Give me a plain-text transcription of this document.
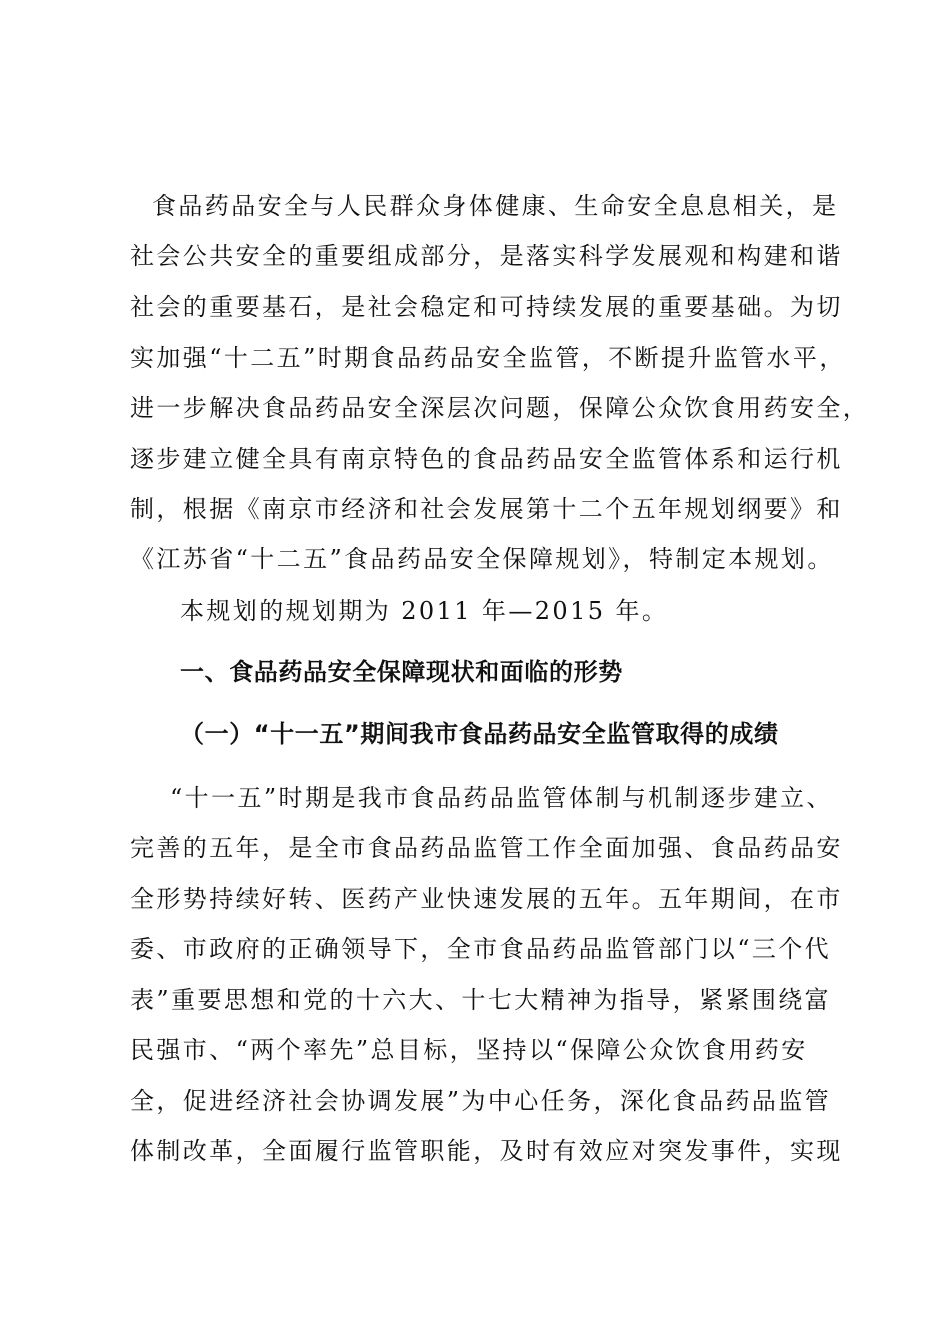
食品药品安全与人民群众身体健康、生命安全息息相关，是
社会公共安全的重要组成部分，是落实科学发展观和构建和谐
社会的重要基石，是社会稳定和可持续发展的重要基础。为切
实加强“十二五”时期食品药品安全监管，不断提升监管水平，
进一步解决食品药品安全深层次问题，保障公众饮食用药安全，
逐步建立健全具有南京特色的食品药品安全监管体系和运行机
制，根据《南京市经济和社会发展第十二个五年规划纲要》和
《江苏省“十二五”食品药品安全保障规划》，特制定本规划。
本规划的规划期为 2011 年—2015 年。
一、食品药品安全保障现状和面临的形势
（一）“十一五”期间我市食品药品安全监管取得的成绩
“十一五”时期是我市食品药品监管体制与机制逐步建立、
完善的五年，是全市食品药品监管工作全面加强、食品药品安
全形势持续好转、医药产业快速发展的五年。五年期间，在市
委、市政府的正确领导下，全市食品药品监管部门以“三个代
表”重要思想和党的十六大、十七大精神为指导，紧紧围绕富
民强市、“两个率先”总目标，坚持以“保障公众饮食用药安
全，促进经济社会协调发展”为中心任务，深化食品药品监管
体制改革，全面履行监管职能，及时有效应对突发事件，实现
